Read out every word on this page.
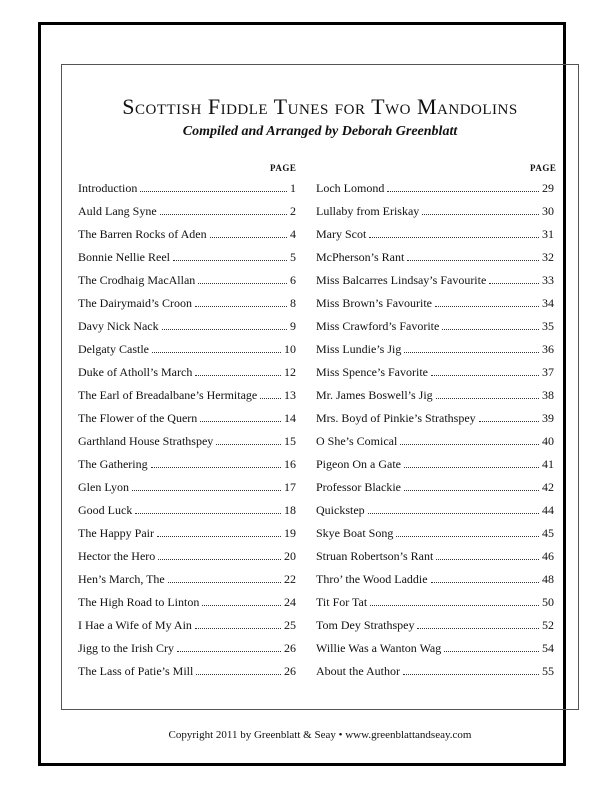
Scottish Fiddle Tunes for Two Mandolins
Compiled and Arranged by Deborah Greenblatt
PAGE	PAGE
Introduction	1
Auld Lang Syne	2
The Barren Rocks of Aden	4
Bonnie Nellie Reel	5
The Crodhaig MacAllan	6
The Dairymaid’s Croon	8
Davy Nick Nack	9
Delgaty Castle	10
Duke of Atholl’s March	12
The Earl of Breadalbane’s Hermitage 13
The Flower of the Quern	14
Garthland House Strathspey	15
The Gathering	16
Glen Lyon	17
Good Luck	18
The Happy Pair	19
Hector the Hero	20
Hen’s March, The	22
The High Road to Linton	24
I Hae a Wife of My Ain	25
Jigg to the Irish Cry	26
The Lass of Patie’s Mill	26
Loch Lomond	29
Lullaby from Eriskay	30
Mary Scot	31
McPherson’s Rant	32
Miss Balcarres Lindsay’s Favourite	33
Miss Brown’s Favourite	34
Miss Crawford’s Favorite	35
Miss Lundie’s Jig	36
Miss Spence’s Favorite	37
Mr. James Boswell’s Jig	38
Mrs. Boyd of Pinkie’s Strathspey	39
O She’s Comical	40
Pigeon On a Gate	41
Professor Blackie	42
Quickstep	44
Skye Boat Song	45
Struan Robertson’s Rant	46
Thro’ the Wood Laddie	48
Tit For Tat	50
Tom Dey Strathspey	52
Willie Was a Wanton Wag	54
About the Author	55
Copyright 2011 by Greenblatt & Seay • www.greenblattandseay.com
